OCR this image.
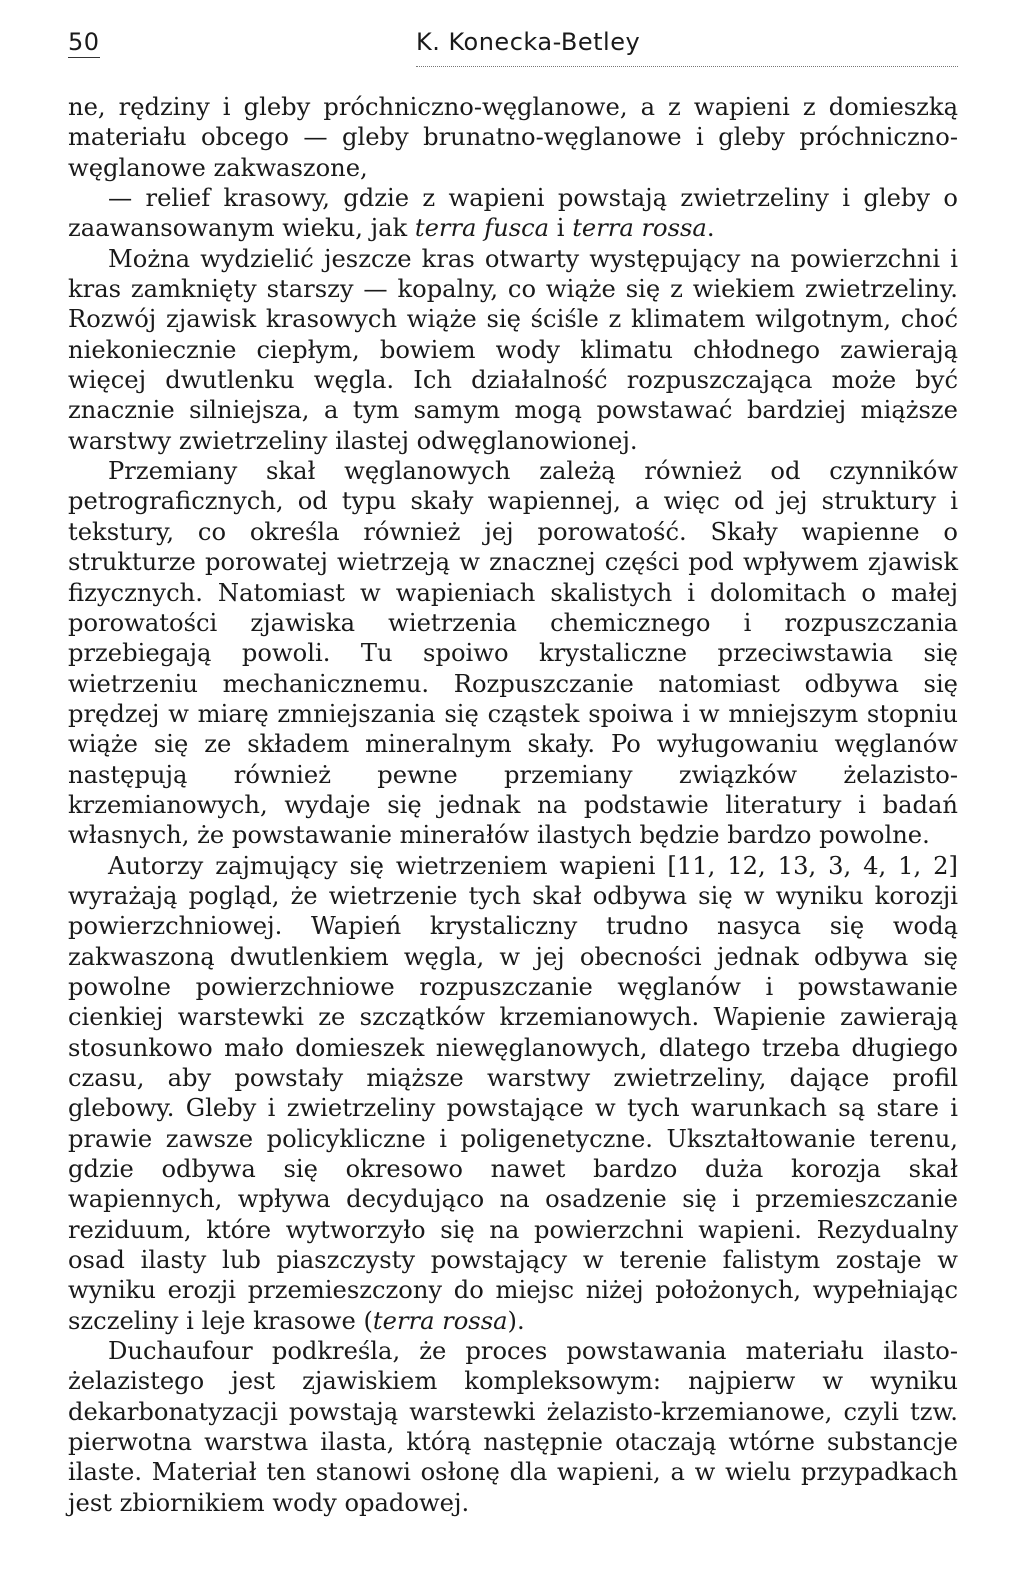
50	K. Konecka-Betley

ne, rędziny i gleby próchniczno-węglanowe, a z wapieni z domieszką materiału obcego — gleby brunatno-węglanowe i gleby próchniczno-węglanowe zakwaszone,

— relief krasowy, gdzie z wapieni powstają zwietrzeliny i gleby o zaawansowanym wieku, jak terra fusca i terra rossa.

Można wydzielić jeszcze kras otwarty występujący na powierzchni i kras zamknięty starszy — kopalny, co wiąże się z wiekiem zwietrzeliny. Rozwój zjawisk krasowych wiąże się ściśle z klimatem wilgotnym, choć niekoniecznie ciepłym, bowiem wody klimatu chłodnego zawierają więcej dwutlenku węgla. Ich działalność rozpuszczająca może być znacznie silniejsza, a tym samym mogą powstawać bardziej miąższe warstwy zwietrzeliny ilastej odwęglanowionej.

Przemiany skał węglanowych zależą również od czynników petrograficznych, od typu skały wapiennej, a więc od jej struktury i tekstury, co określa również jej porowatość. Skały wapienne o strukturze porowatej wietrzeją w znacznej części pod wpływem zjawisk fizycznych. Natomiast w wapieniach skalistych i dolomitach o małej porowatości zjawiska wietrzenia chemicznego i rozpuszczania przebiegają powoli. Tu spoiwo krystaliczne przeciwstawia się wietrzeniu mechanicznemu. Rozpuszczanie natomiast odbywa się prędzej w miarę zmniejszania się cząstek spoiwa i w mniejszym stopniu wiąże się ze składem mineralnym skały. Po wyługowaniu węglanów następują również pewne przemiany związków żelazisto-krzemianowych, wydaje się jednak na podstawie literatury i badań własnych, że powstawanie minerałów ilastych będzie bardzo powolne.

Autorzy zajmujący się wietrzeniem wapieni [11, 12, 13, 3, 4, 1, 2] wyrażają pogląd, że wietrzenie tych skał odbywa się w wyniku korozji powierzchniowej. Wapień krystaliczny trudno nasyca się wodą zakwaszoną dwutlenkiem węgla, w jej obecności jednak odbywa się powolne powierzchniowe rozpuszczanie węglanów i powstawanie cienkiej warstewki ze szczątków krzemianowych. Wapienie zawierają stosunkowo mało domieszek niewęglanowych, dlatego trzeba długiego czasu, aby powstały miąższe warstwy zwietrzeliny, dające profil glebowy. Gleby i zwietrzeliny powstające w tych warunkach są stare i prawie zawsze policykliczne i poligenetyczne. Ukształtowanie terenu, gdzie odbywa się okresowo nawet bardzo duża korozja skał wapiennych, wpływa decydująco na osadzenie się i przemieszczanie reziduum, które wytworzyło się na powierzchni wapieni. Rezydualny osad ilasty lub piaszczysty powstający w terenie falistym zostaje w wyniku erozji przemieszczony do miejsc niżej położonych, wypełniając szczeliny i leje krasowe (terra rossa).

Duchaufour podkreśla, że proces powstawania materiału ilasto-żelazistego jest zjawiskiem kompleksowym: najpierw w wyniku dekarbonatyzacji powstają warstewki żelazisto-krzemianowe, czyli tzw. pierwotna warstwa ilasta, którą następnie otaczają wtórne substancje ilaste. Materiał ten stanowi osłonę dla wapieni, a w wielu przypadkach jest zbiornikiem wody opadowej.
